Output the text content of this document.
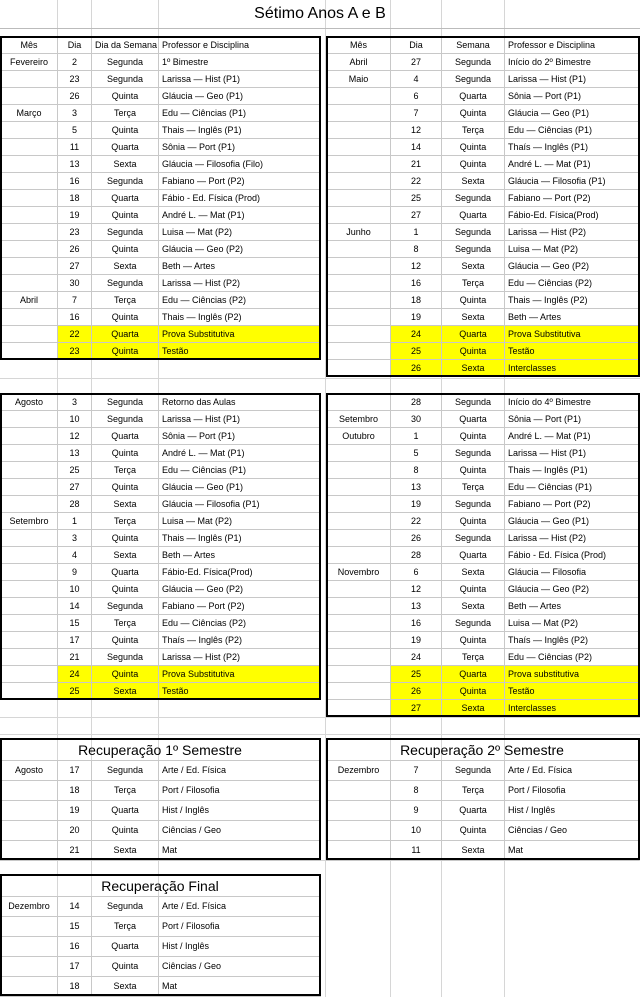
Sétimo Anos A e B
Mês	Dia	Dia da Semana	Professor e Disciplina
Fevereiro	2	Segunda	1º Bimestre
	23	Segunda	Larissa — Hist (P1)
	26	Quinta	Gláucia — Geo (P1)
Março	3	Terça	Edu — Ciências (P1)
	5	Quinta	Thais — Inglês (P1)
	11	Quarta	Sônia — Port (P1)
	13	Sexta	Gláucia — Filosofia (Filo)
	16	Segunda	Fabiano — Port (P2)
	18	Quarta	Fábio - Ed. Física (Prod)
	19	Quinta	André L. — Mat (P1)
	23	Segunda	Luisa — Mat (P2)
	26	Quinta	Gláucia — Geo (P2)
	27	Sexta	Beth — Artes
	30	Segunda	Larissa — Hist (P2)
Abril	7	Terça	Edu — Ciências (P2)
	16	Quinta	Thais — Inglês (P2)
	22	Quarta	Prova Substitutiva
	23	Quinta	Testão
Mês	Dia	Semana	Professor e Disciplina
Abril	27	Segunda	Início do 2º Bimestre
Maio	4	Segunda	Larissa — Hist (P1)
	6	Quarta	Sônia — Port (P1)
	7	Quinta	Gláucia — Geo (P1)
	12	Terça	Edu — Ciências (P1)
	14	Quinta	Thaís — Inglês (P1)
	21	Quinta	André L. — Mat (P1)
	22	Sexta	Gláucia — Filosofia (P1)
	25	Segunda	Fabiano — Port (P2)
	27	Quarta	Fábio-Ed. Física(Prod)
Junho	1	Segunda	Larissa — Hist (P2)
	8	Segunda	Luisa — Mat (P2)
	12	Sexta	Gláucia — Geo (P2)
	16	Terça	Edu — Ciências (P2)
	18	Quinta	Thais — Inglês (P2)
	19	Sexta	Beth — Artes
	24	Quarta	Prova Substitutiva
	25	Quinta	Testão
	26	Sexta	Interclasses
Agosto	3	Segunda	Retorno das Aulas
	10	Segunda	Larissa — Hist (P1)
	12	Quarta	Sônia — Port (P1)
	13	Quinta	André L. — Mat (P1)
	25	Terça	Edu — Ciências (P1)
	27	Quinta	Gláucia — Geo (P1)
	28	Sexta	Gláucia — Filosofia (P1)
Setembro	1	Terça	Luisa — Mat (P2)
	3	Quinta	Thais — Inglês (P1)
	4	Sexta	Beth — Artes
	9	Quarta	Fábio-Ed. Física(Prod)
	10	Quinta	Gláucia — Geo (P2)
	14	Segunda	Fabiano — Port (P2)
	15	Terça	Edu — Ciências (P2)
	17	Quinta	Thaís — Inglês (P2)
	21	Segunda	Larissa — Hist (P2)
	24	Quinta	Prova Substitutiva
	25	Sexta	Testão
	28	Segunda	Início do 4º Bimestre
Setembro	30	Quarta	Sônia — Port (P1)
Outubro	1	Quinta	André L. — Mat (P1)
	5	Segunda	Larissa — Hist (P1)
	8	Quinta	Thais — Inglês (P1)
	13	Terça	Edu — Ciências (P1)
	19	Segunda	Fabiano — Port (P2)
	22	Quinta	Gláucia — Geo (P1)
	26	Segunda	Larissa — Hist (P2)
	28	Quarta	Fábio - Ed. Física (Prod)
Novembro	6	Sexta	Gláucia — Filosofia
	12	Quinta	Gláucia — Geo (P2)
	13	Sexta	Beth — Artes
	16	Segunda	Luisa — Mat (P2)
	19	Quinta	Thaís — Inglês (P2)
	24	Terça	Edu — Ciências (P2)
	25	Quarta	Prova substitutiva
	26	Quinta	Testão
	27	Sexta	Interclasses
Recuperação 1º Semestre
Agosto	17	Segunda	Arte / Ed. Física
	18	Terça	Port / Filosofia
	19	Quarta	Hist / Inglês
	20	Quinta	Ciências / Geo
	21	Sexta	Mat
Recuperação 2º Semestre
Dezembro	7	Segunda	Arte / Ed. Física
	8	Terça	Port / Filosofia
	9	Quarta	Hist / Inglês
	10	Quinta	Ciências / Geo
	11	Sexta	Mat
Recuperação Final
Dezembro	14	Segunda	Arte / Ed. Física
	15	Terça	Port / Filosofia
	16	Quarta	Hist / Inglês
	17	Quinta	Ciências / Geo
	18	Sexta	Mat
